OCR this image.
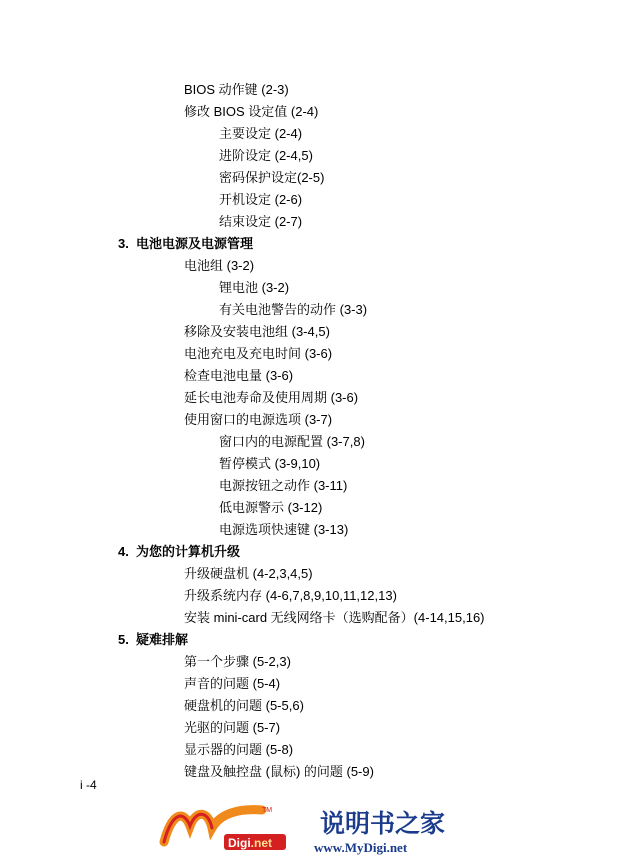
BIOS 动作键 (2-3)
修改 BIOS 设定值 (2-4)
主要设定 (2-4)
进阶设定 (2-4,5)
密码保护设定(2-5)
开机设定 (2-6)
结束设定 (2-7)
3. 电池电源及电源管理
电池组 (3-2)
锂电池 (3-2)
有关电池警告的动作 (3-3)
移除及安装电池组 (3-4,5)
电池充电及充电时间 (3-6)
检查电池电量 (3-6)
延长电池寿命及使用周期 (3-6)
使用窗口的电源选项 (3-7)
窗口内的电源配置 (3-7,8)
暂停模式 (3-9,10)
电源按钮之动作 (3-11)
低电源警示 (3-12)
电源选项快速键 (3-13)
4. 为您的计算机升级
升级硬盘机 (4-2,3,4,5)
升级系统内存 (4-6,7,8,9,10,11,12,13)
安装 mini-card 无线网络卡（选购配备）(4-14,15,16)
5. 疑难排解
第一个步骤 (5-2,3)
声音的问题 (5-4)
硬盘机的问题 (5-5,6)
光驱的问题 (5-7)
显示器的问题 (5-8)
键盘及触控盘 (鼠标) 的问题 (5-9)
i -4
TM
Digi.net
说明书之家
www.MyDigi.net
